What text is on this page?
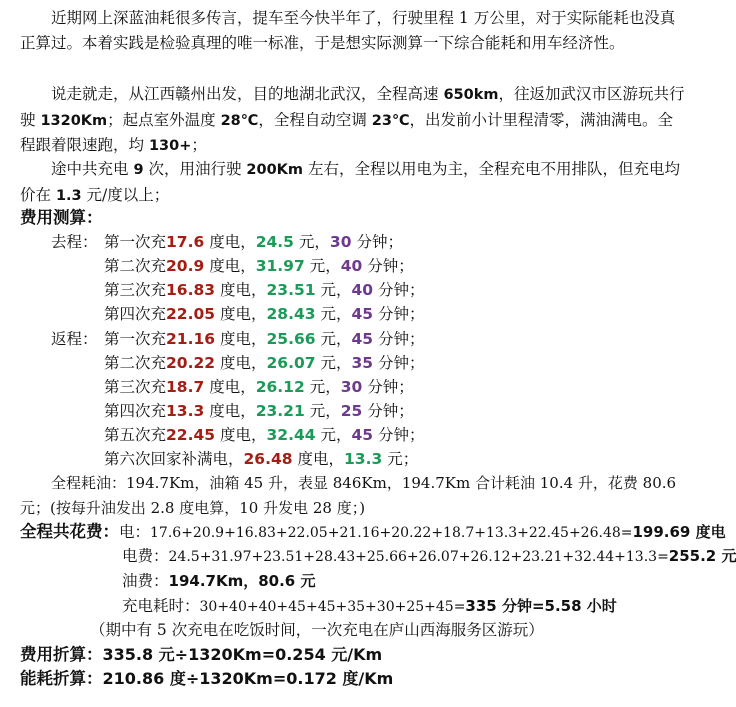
近期网上深蓝油耗很多传言，提车至今快半年了，行驶里程 1 万公里，对于实际能耗也没真正算过。本着实践是检验真理的唯一标准，于是想实际测算一下综合能耗和用车经济性。
说走就走，从江西赣州出发，目的地湖北武汉，全程高速 650km，往返加武汉市区游玩共行驶 1320Km；起点室外温度 28℃，全程自动空调 23℃，出发前小计里程清零，满油满电。全程跟着限速跑，均 130+；
途中共充电 9 次，用油行驶 200Km 左右，全程以用电为主，全程充电不用排队，但充电均价在 1.3 元/度以上；
费用测算：
去程： 第一次充17.6 度电，24.5 元，30 分钟；
第二次充20.9 度电，31.97 元，40 分钟；
第三次充16.83 度电，23.51 元，40 分钟；
第四次充22.05 度电，28.43 元，45 分钟；
返程： 第一次充21.16 度电，25.66 元，45 分钟；
第二次充20.22 度电，26.07 元，35 分钟；
第三次充18.7 度电，26.12 元，30 分钟；
第四次充13.3 度电，23.21 元，25 分钟；
第五次充22.45 度电，32.44 元，45 分钟；
第六次回家补满电，26.48 度电，13.3 元；
全程耗油：194.7Km，油箱 45 升，表显 846Km，194.7Km 合计耗油 10.4 升，花费 80.6 元；(按每升油发出 2.8 度电算，10 升发电 28 度；)
全程共花费：电：17.6+20.9+16.83+22.05+21.16+20.22+18.7+13.3+22.45+26.48=199.69 度电
电费：24.5+31.97+23.51+28.43+25.66+26.07+26.12+23.21+32.44+13.3=255.2 元
油费：194.7Km，80.6 元
充电耗时：30+40+40+45+45+35+30+25+45=335 分钟=5.58 小时
（期中有 5 次充电在吃饭时间，一次充电在庐山西海服务区游玩）
费用折算：335.8 元÷1320Km=0.254 元/Km
能耗折算：210.86 度÷1320Km=0.172 度/Km
